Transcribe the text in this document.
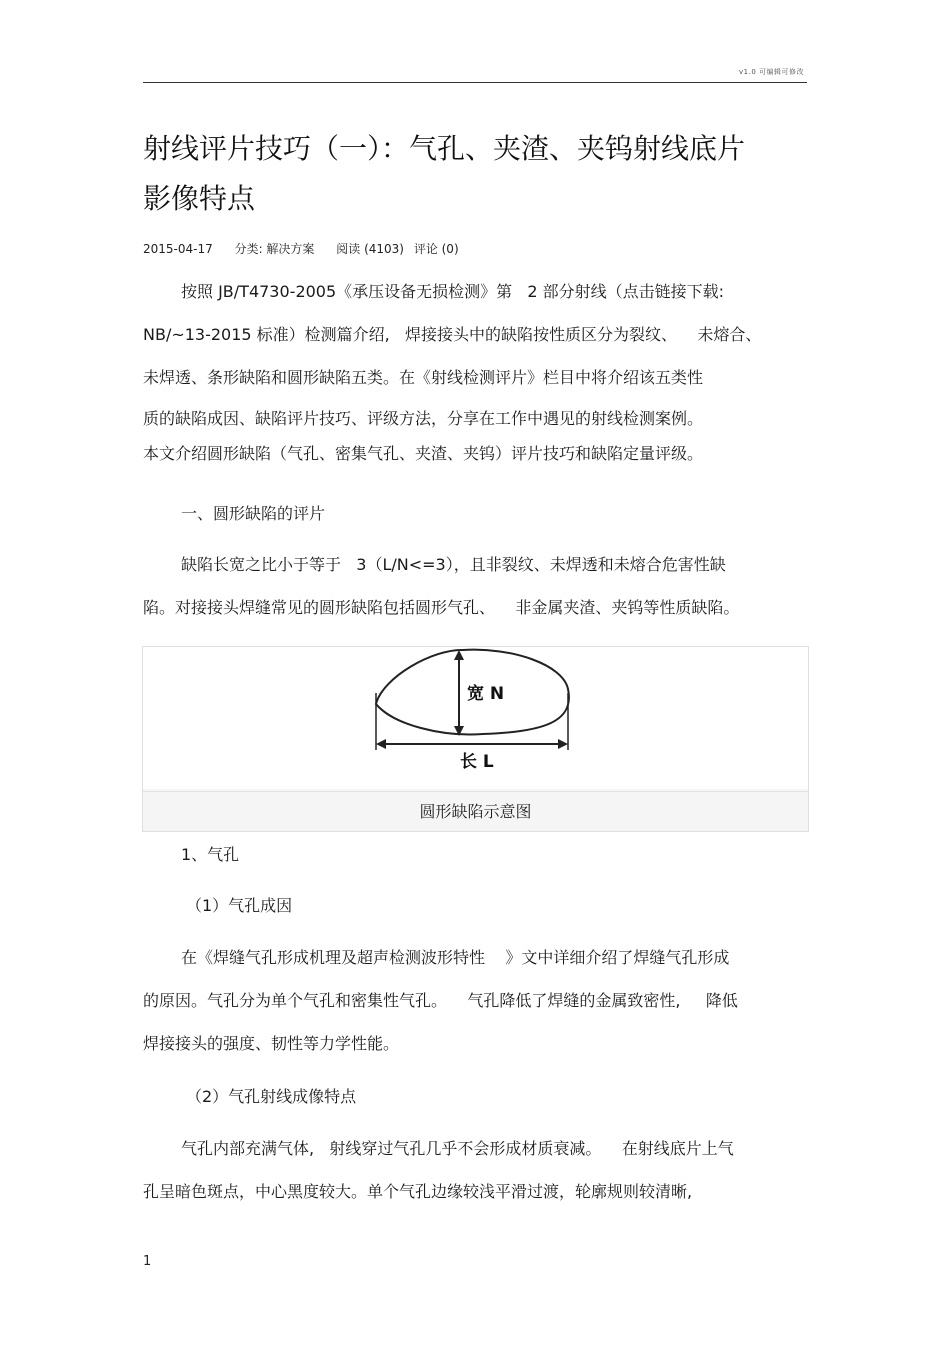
v1.0 可编辑可修改
射线评片技巧（一）：气孔、夹渣、夹钨射线底片
影像特点
2015-04-17 分类: 解决方案 阅读 (4103) 评论 (0)
按照 JB/T4730-2005《承压设备无损检测》第   2 部分射线（点击链接下载:
NB/~13-2015 标准）检测篇介绍,   焊接接头中的缺陷按性质区分为裂纹、    未熔合、
未焊透、条形缺陷和圆形缺陷五类。在《射线检测评片》栏目中将介绍该五类性
质的缺陷成因、缺陷评片技巧、评级方法，分享在工作中遇见的射线检测案例。
本文介绍圆形缺陷（气孔、密集气孔、夹渣、夹钨）评片技巧和缺陷定量评级。
一、圆形缺陷的评片
缺陷长宽之比小于等于   3（L/N<=3），且非裂纹、未焊透和未熔合危害性缺
陷。对接接头焊缝常见的圆形缺陷包括圆形气孔、    非金属夹渣、夹钨等性质缺陷。
宽 N
长 L
圆形缺陷示意图
1、气孔
（1）气孔成因
在《焊缝气孔形成机理及超声检测波形特性    》文中详细介绍了焊缝气孔形成
的原因。气孔分为单个气孔和密集性气孔。    气孔降低了焊缝的金属致密性,     降低
焊接接头的强度、韧性等力学性能。
（2）气孔射线成像特点
气孔内部充满气体,   射线穿过气孔几乎不会形成材质衰减。    在射线底片上气
孔呈暗色斑点，中心黑度较大。单个气孔边缘较浅平滑过渡，轮廓规则较清晰,
1
